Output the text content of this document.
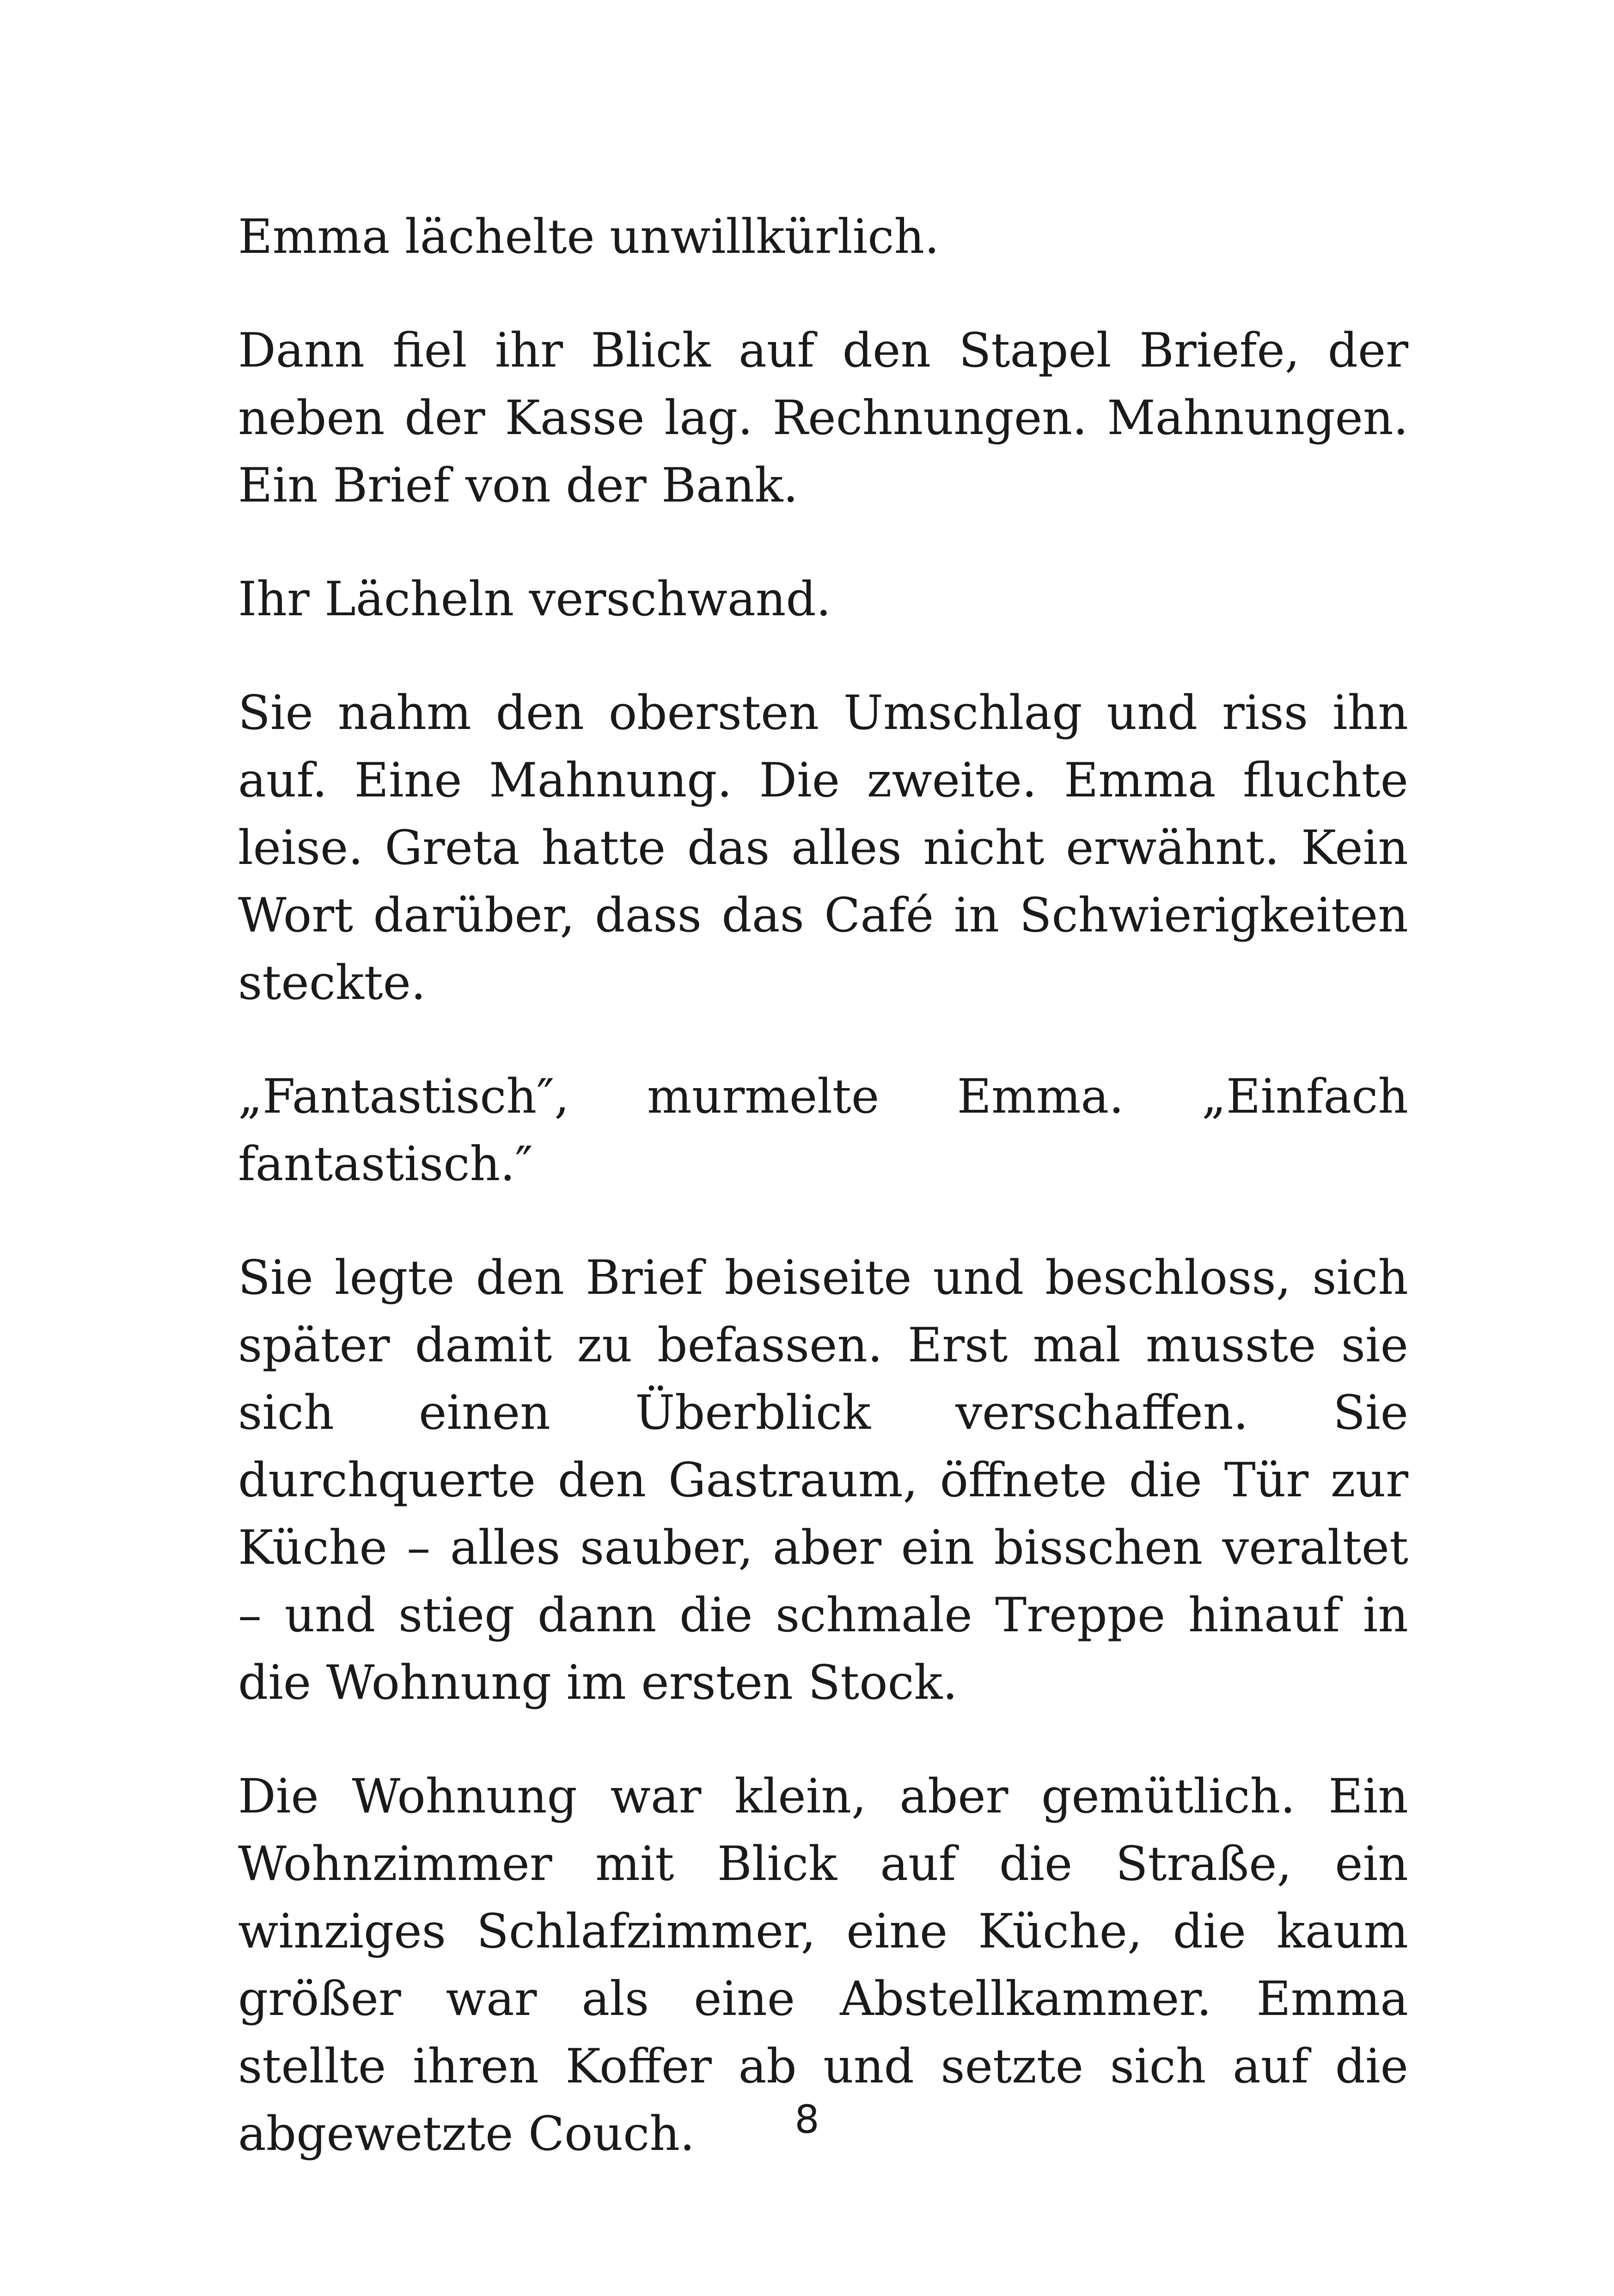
Emma lächelte unwillkürlich.

Dann fiel ihr Blick auf den Stapel Briefe, der neben der Kasse lag. Rechnungen. Mahnungen. Ein Brief von der Bank.

Ihr Lächeln verschwand.

Sie nahm den obersten Umschlag und riss ihn auf. Eine Mahnung. Die zweite. Emma fluchte leise. Greta hatte das alles nicht erwähnt. Kein Wort darüber, dass das Café in Schwierigkeiten steckte.

„Fantastisch″, murmelte Emma. „Einfach fantastisch.″

Sie legte den Brief beiseite und beschloss, sich später damit zu befassen. Erst mal musste sie sich einen Überblick verschaffen. Sie durchquerte den Gastraum, öffnete die Tür zur Küche – alles sauber, aber ein bisschen veraltet – und stieg dann die schmale Treppe hinauf in die Wohnung im ersten Stock.

Die Wohnung war klein, aber gemütlich. Ein Wohnzimmer mit Blick auf die Straße, ein winziges Schlafzimmer, eine Küche, die kaum größer war als eine Abstellkammer. Emma stellte ihren Koffer ab und setzte sich auf die abgewetzte Couch.	8
